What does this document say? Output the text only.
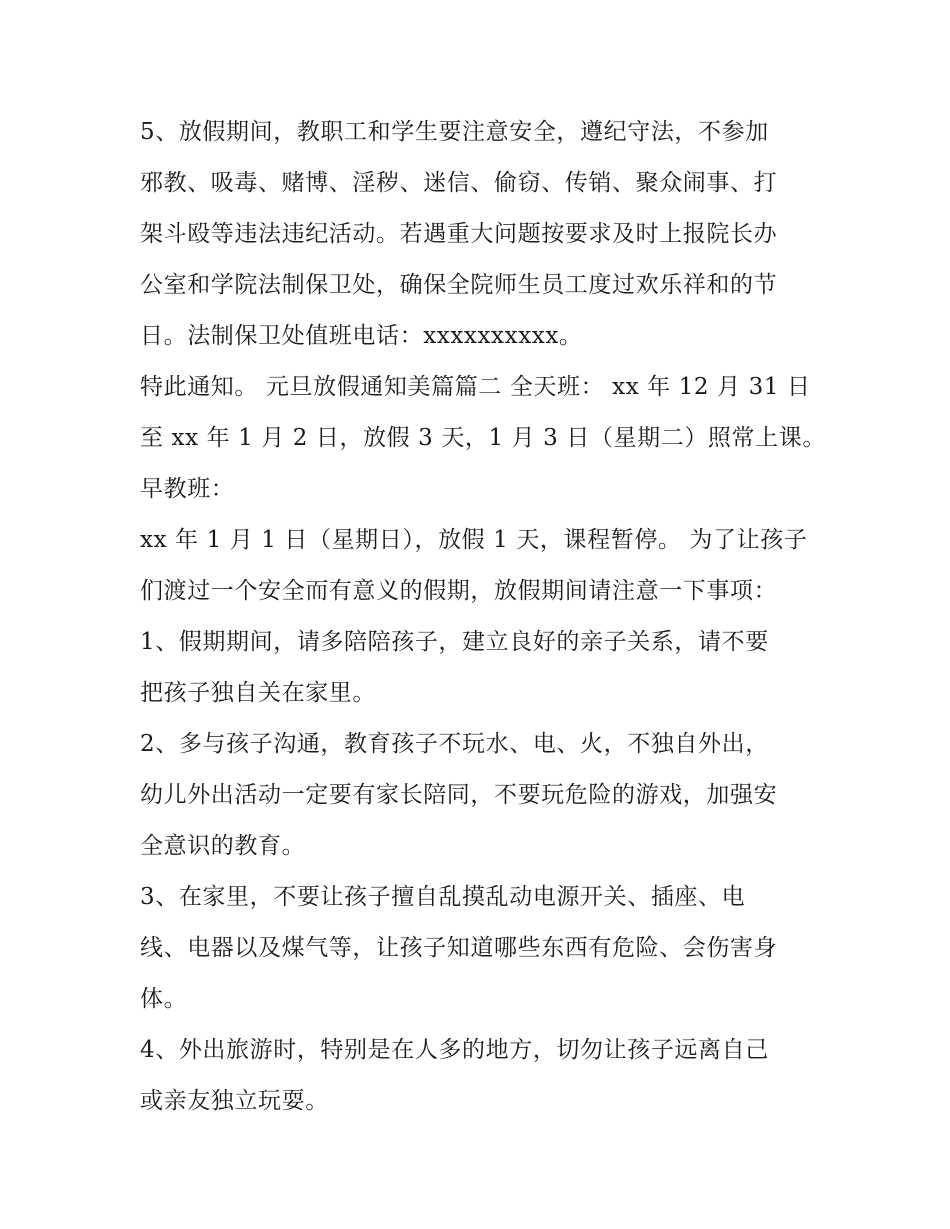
5、放假期间，教职工和学生要注意安全，遵纪守法，不参加
邪教、吸毒、赌博、淫秽、迷信、偷窃、传销、聚众闹事、打
架斗殴等违法违纪活动。若遇重大问题按要求及时上报院长办
公室和学院法制保卫处，确保全院师生员工度过欢乐祥和的节
日。法制保卫处值班电话：xxxxxxxxxx。
特此通知。 元旦放假通知美篇篇二 全天班： xx 年 12 月 31 日
至 xx 年 1 月 2 日，放假 3 天，1 月 3 日（星期二）照常上课。
早教班：
xx 年 1 月 1 日（星期日），放假 1 天，课程暂停。 为了让孩子
们渡过一个安全而有意义的假期，放假期间请注意一下事项：
1、假期期间，请多陪陪孩子，建立良好的亲子关系，请不要
把孩子独自关在家里。
2、多与孩子沟通，教育孩子不玩水、电、火，不独自外出，
幼儿外出活动一定要有家长陪同，不要玩危险的游戏，加强安
全意识的教育。
3、在家里，不要让孩子擅自乱摸乱动电源开关、插座、电
线、电器以及煤气等，让孩子知道哪些东西有危险、会伤害身
体。
4、外出旅游时，特别是在人多的地方，切勿让孩子远离自己
或亲友独立玩耍。
